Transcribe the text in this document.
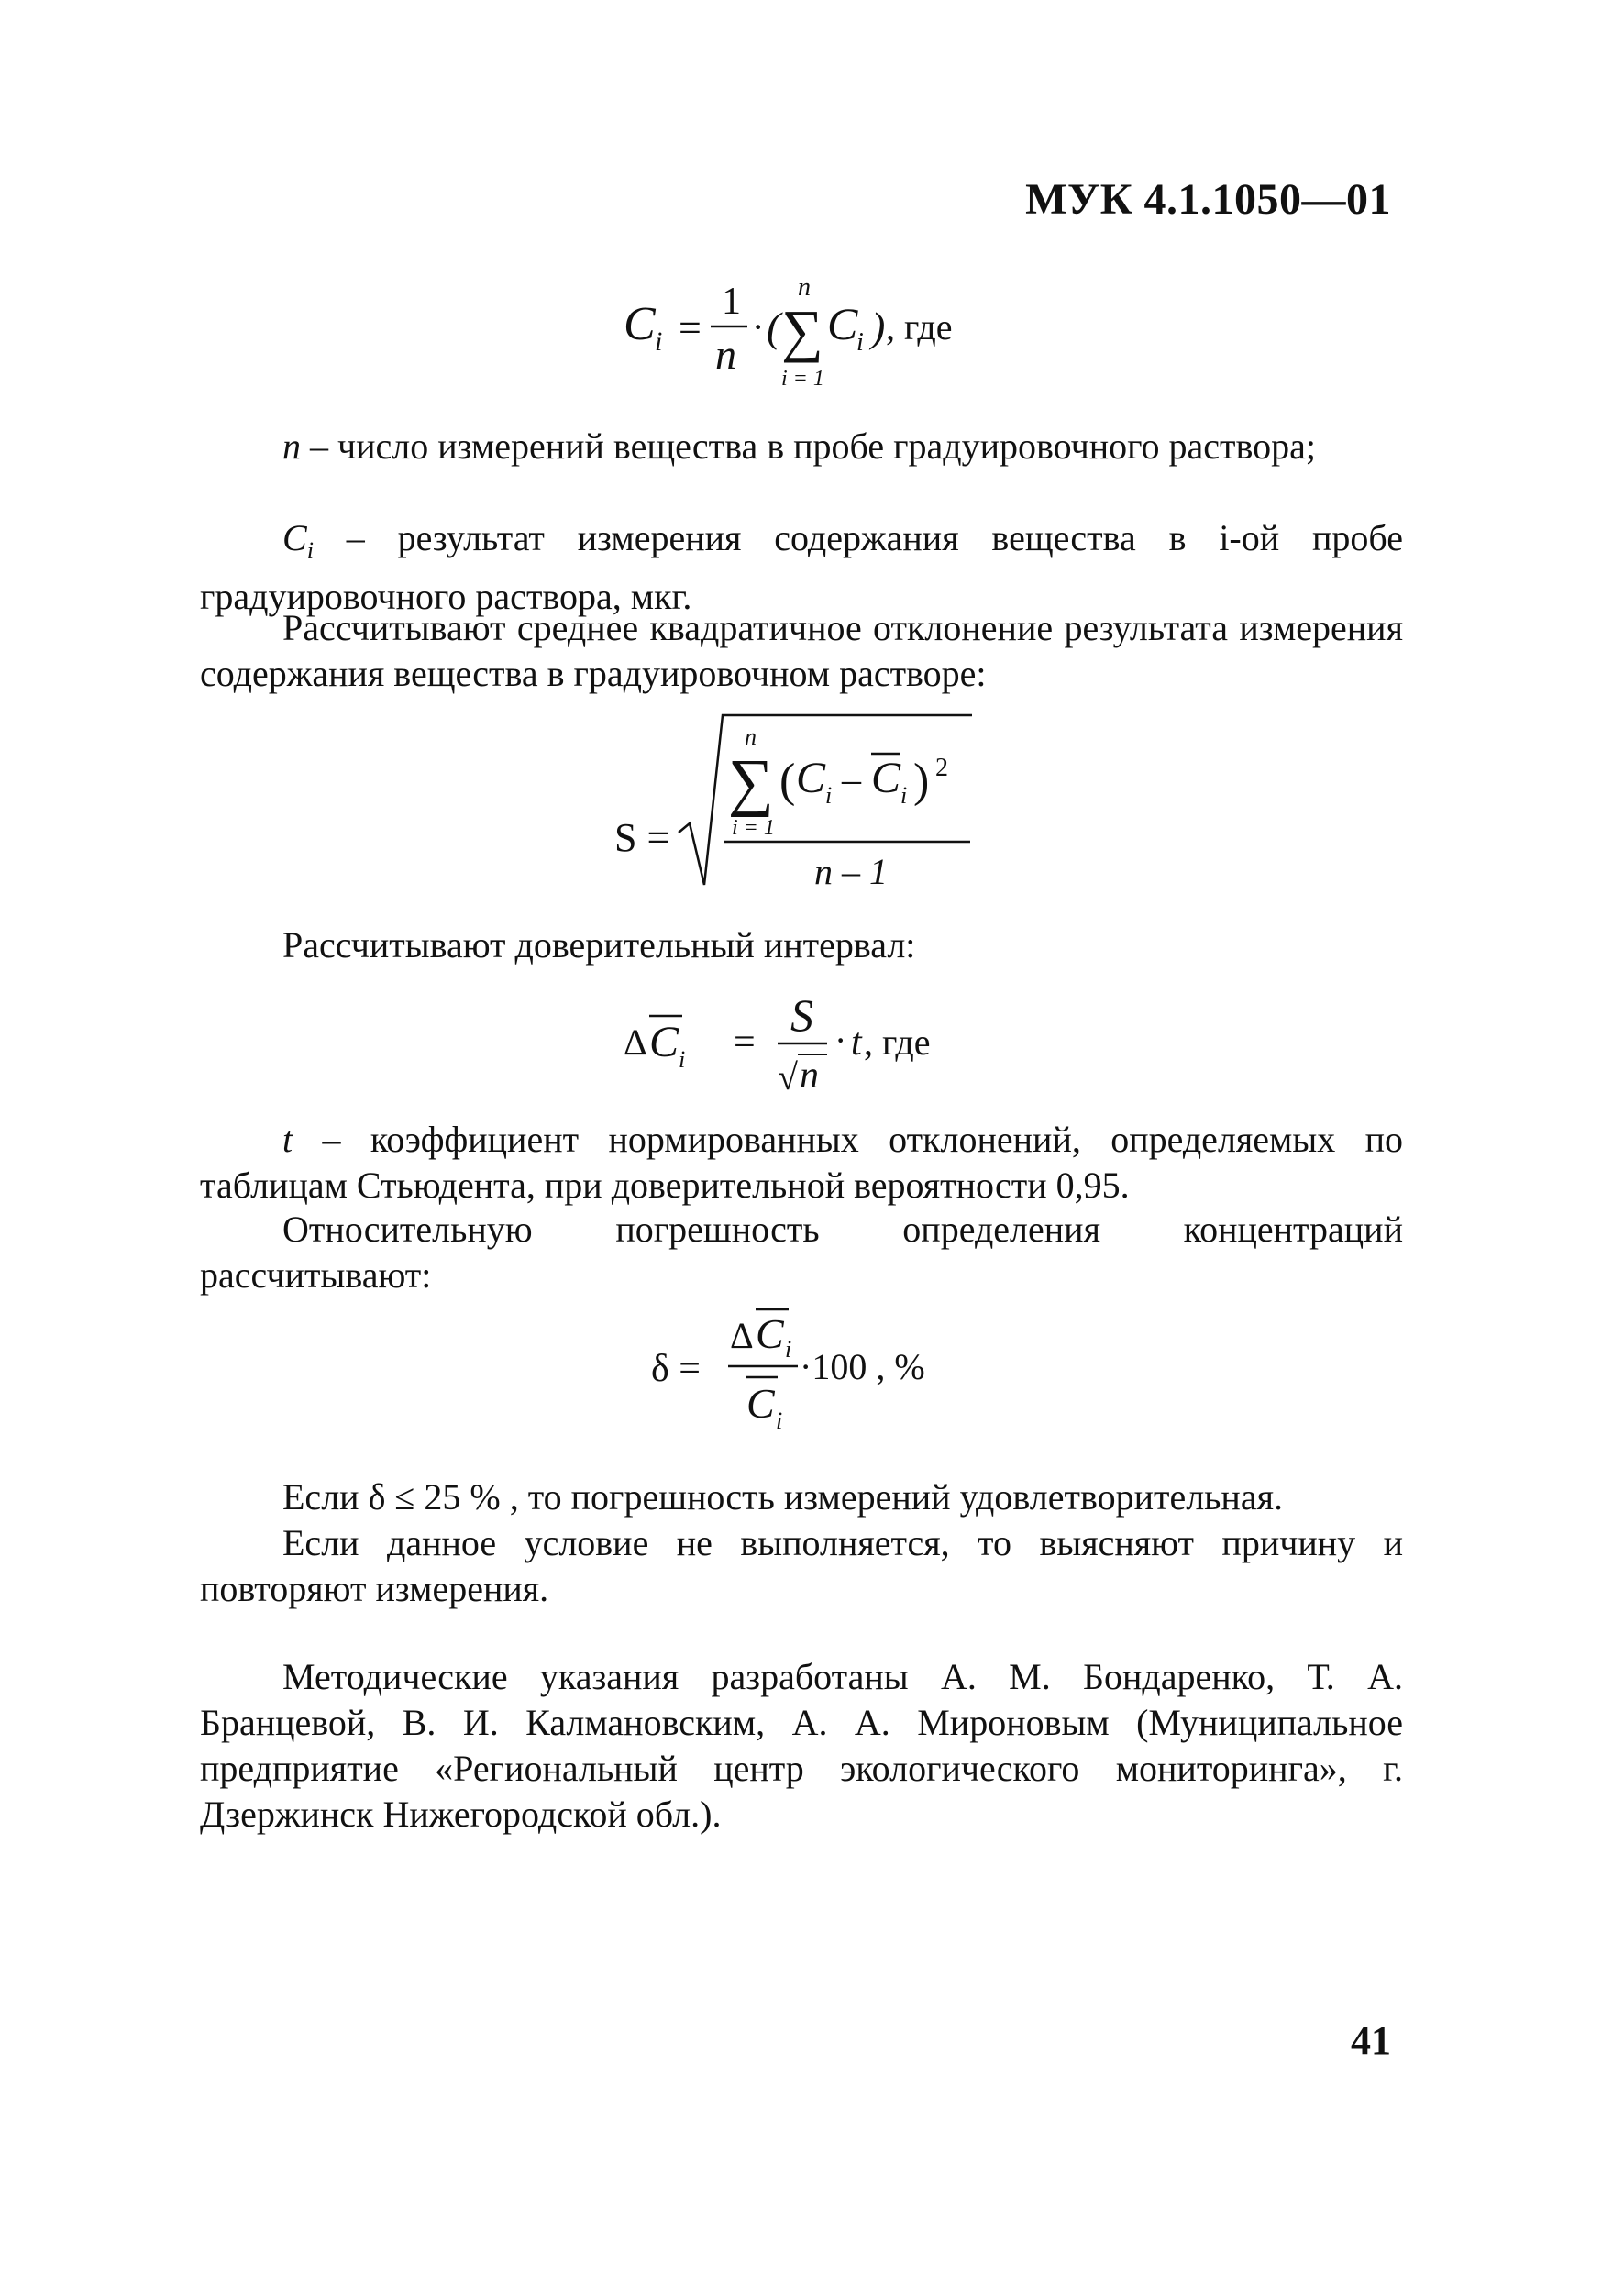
МУК 4.1.1050—01
C i =
1
n
· (
n
∑
i = 1
C
i ) , где
n – число измерений вещества в пробе градуировочного раствора;
$C_i$ – результат измерения содержания вещества в i-ой пробе градуировочного раствора, мкг.
Рассчитывают среднее квадратичное отклонение результата измерения содержания вещества в градуировочном растворе:
S =
n
∑
i = 1
( C i – C i ) 2
n – 1
Рассчитывают доверительный интервал:
Δ C i =
S
√ n
· t , где
t – коэффициент нормированных отклонений, определяемых по таблицам Стьюдента, при доверительной вероятности 0,95.
Относительную погрешность определения концентраций рассчитывают:
δ =
Δ C i
C i
·100 , %
Если δ ≤ 25 % , то погрешность измерений удовлетворительная.
Если данное условие не выполняется, то выясняют причину и повторяют измерения.
Методические указания разработаны А. М. Бондаренко, Т. А. Бранцевой, В. И. Калмановским, А. А. Мироновым (Муниципальное предприятие «Региональный центр экологического мониторинга», г. Дзержинск Нижегородской обл.).
41
